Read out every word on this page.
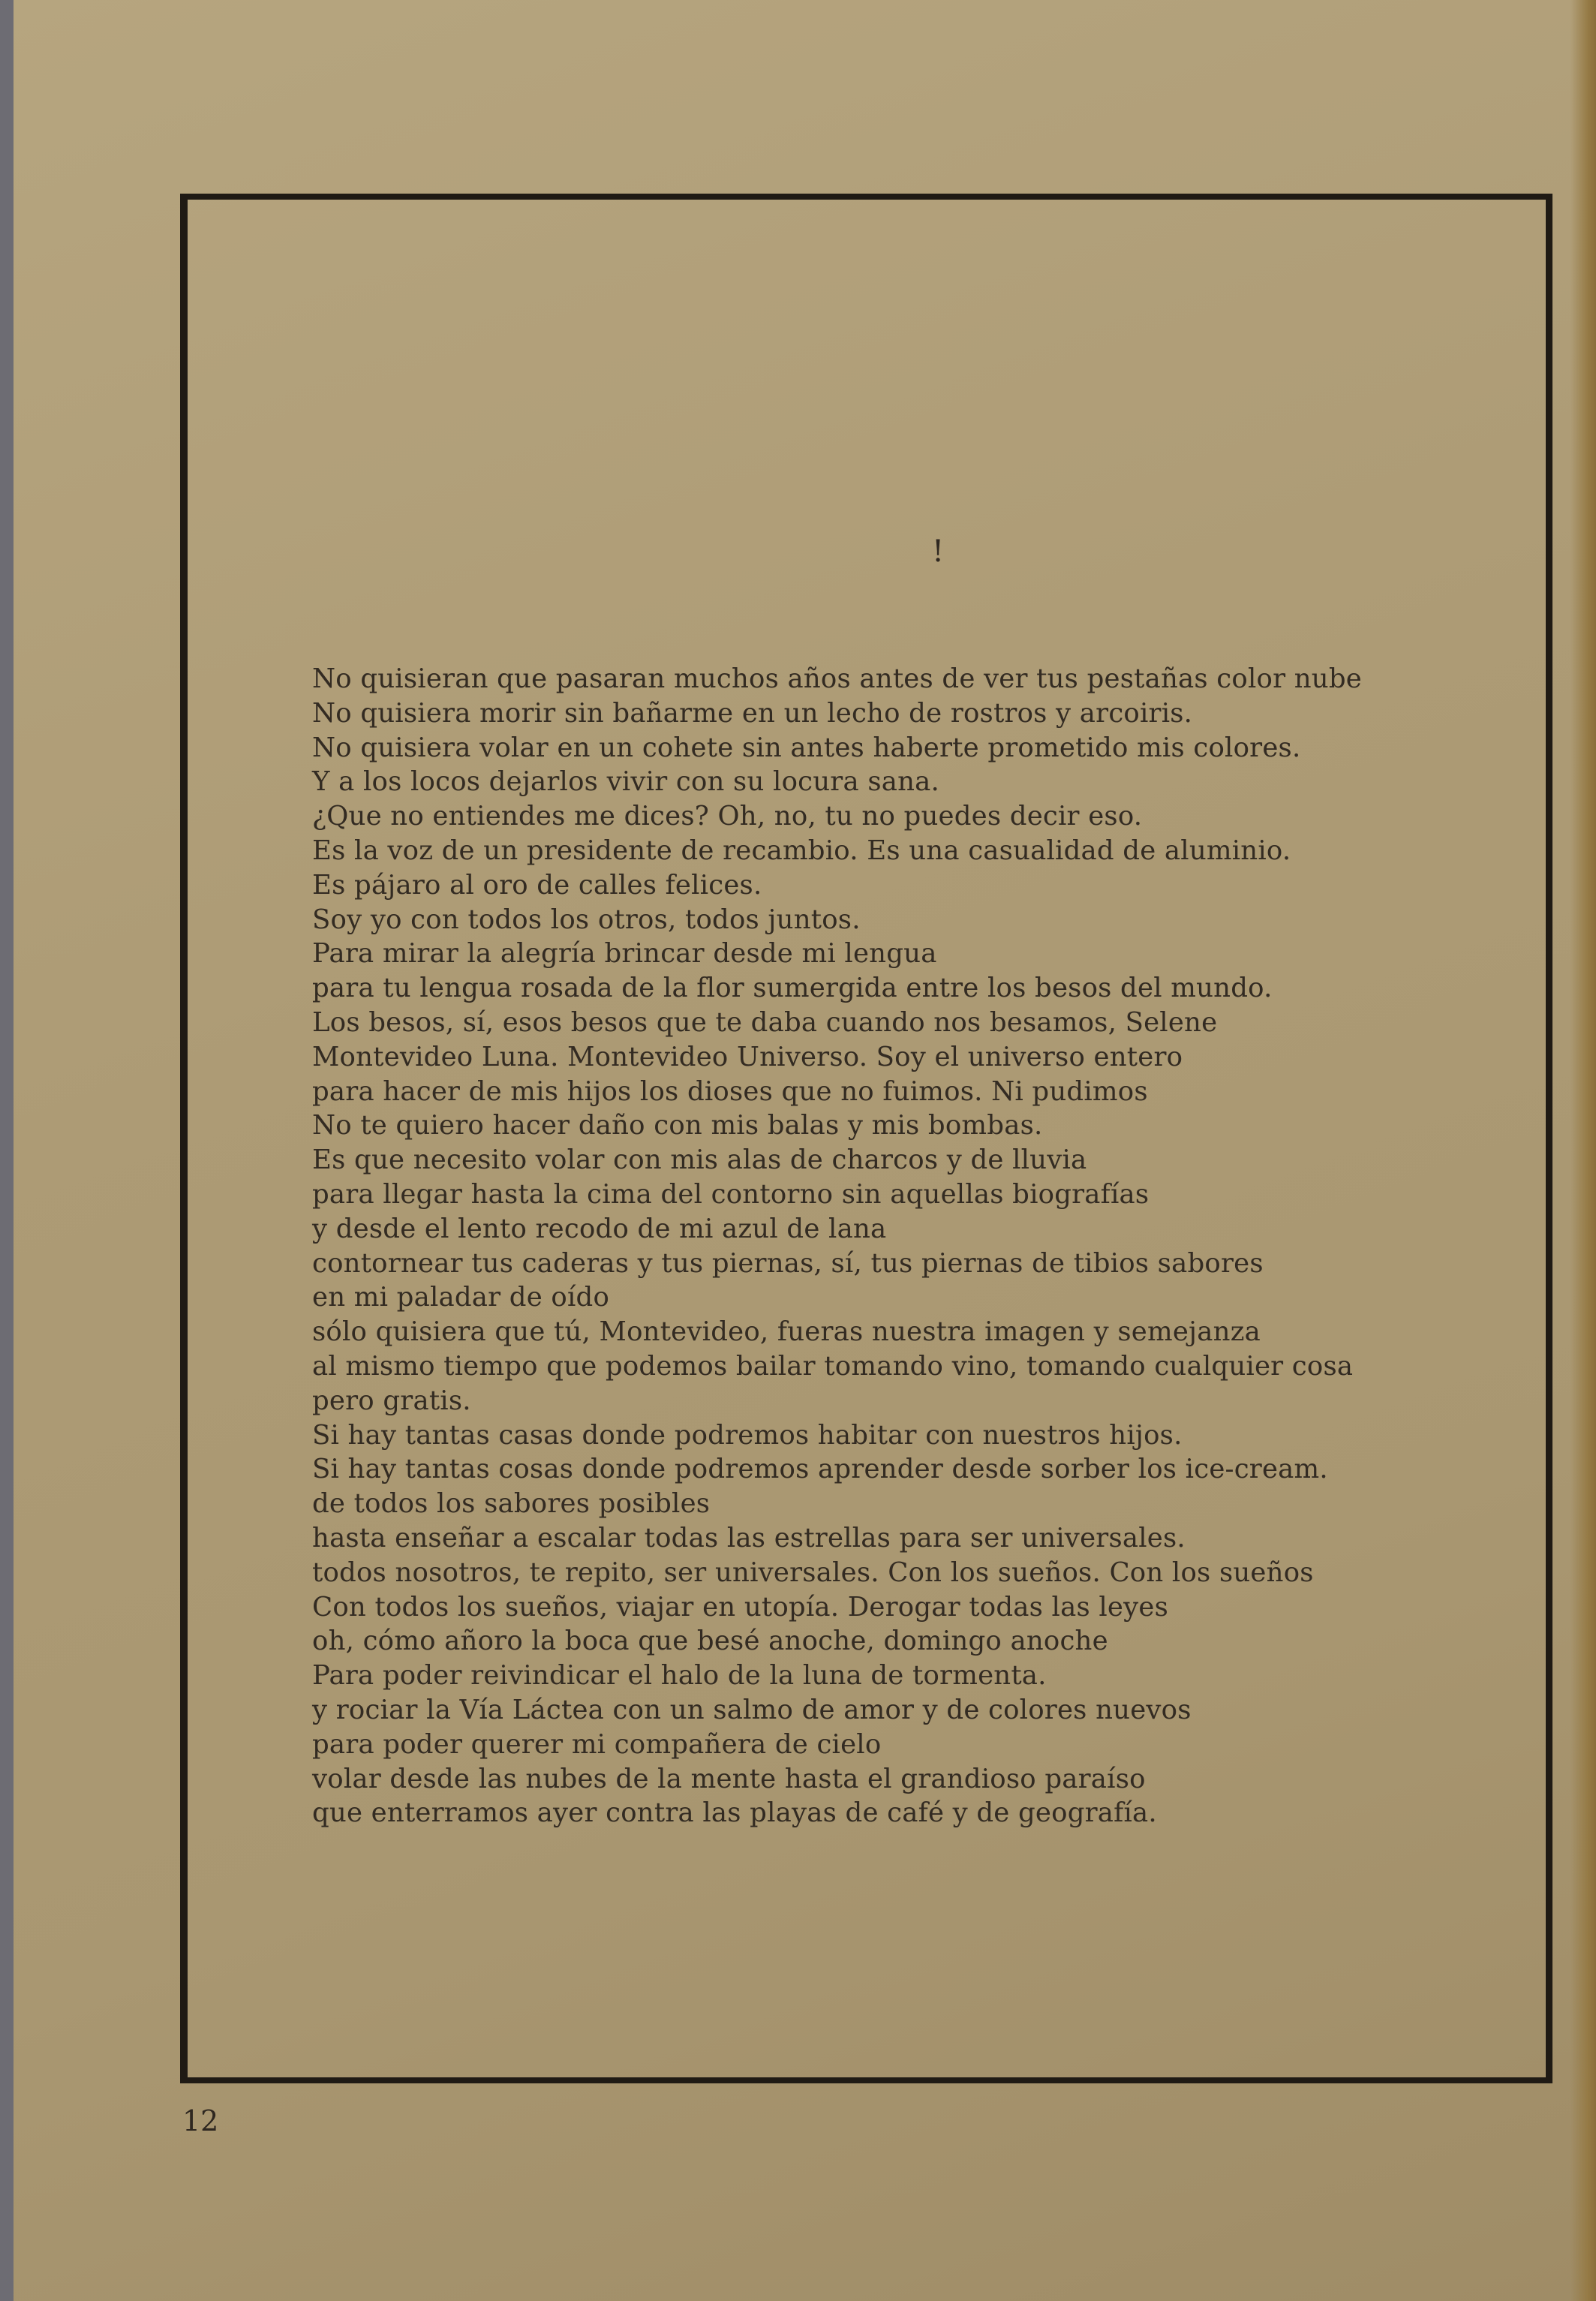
!
No quisieran que pasaran muchos años antes de ver tus pestañas color nube
No quisiera morir sin bañarme en un lecho de rostros y arcoiris.
No quisiera volar en un cohete sin antes haberte prometido mis colores.
Y a los locos dejarlos vivir con su locura sana.
¿Que no entiendes me dices? Oh, no, tu no puedes decir eso.
Es la voz de un presidente de recambio. Es una casualidad de aluminio.
Es pájaro al oro de calles felices.
Soy yo con todos los otros, todos juntos.
Para mirar la alegría brincar desde mi lengua
para tu lengua rosada de la flor sumergida entre los besos del mundo.
Los besos, sí, esos besos que te daba cuando nos besamos, Selene
Montevideo Luna. Montevideo Universo. Soy el universo entero
para hacer de mis hijos los dioses que no fuimos. Ni pudimos
No te quiero hacer daño con mis balas y mis bombas.
Es que necesito volar con mis alas de charcos y de lluvia
para llegar hasta la cima del contorno sin aquellas biografías
y desde el lento recodo de mi azul de lana
contornear tus caderas y tus piernas, sí, tus piernas de tibios sabores
en mi paladar de oído
sólo quisiera que tú, Montevideo, fueras nuestra imagen y semejanza
al mismo tiempo que podemos bailar tomando vino, tomando cualquier cosa
pero gratis.
Si hay tantas casas donde podremos habitar con nuestros hijos.
Si hay tantas cosas donde podremos aprender desde sorber los ice-cream.
de todos los sabores posibles
hasta enseñar a escalar todas las estrellas para ser universales.
todos nosotros, te repito, ser universales. Con los sueños. Con los sueños
Con todos los sueños, viajar en utopía. Derogar todas las leyes
oh, cómo añoro la boca que besé anoche, domingo anoche
Para poder reivindicar el halo de la luna de tormenta.
y rociar la Vía Láctea con un salmo de amor y de colores nuevos
para poder querer mi compañera de cielo
volar desde las nubes de la mente hasta el grandioso paraíso
que enterramos ayer contra las playas de café y de geografía.
12
